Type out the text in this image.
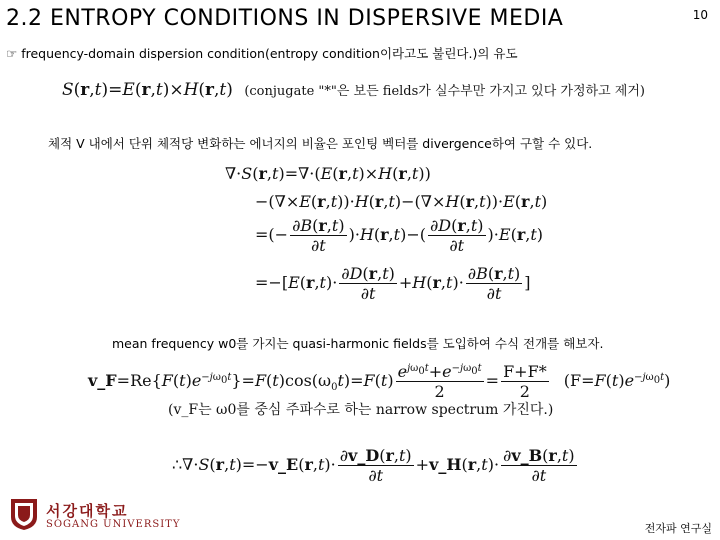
2.2 ENTROPY CONDITIONS IN DISPERSIVE MEDIA	10
☞ frequency-domain dispersion condition(entropy condition이라고도 불린다.)의 유도
S(r,t)=E(r,t)×H(r,t) (conjugate "*"은 보든 fields가 실수부만 가지고 있다 가정하고 제거)
체적 V 내에서 단위 체적당 변화하는 에너지의 비율은 포인팅 벡터를 divergence하여 구할 수 있다.
∇·S(r,t)=∇·(E(r,t)×H(r,t))
−(∇×E(r,t))·H(r,t)−(∇×H(r,t))·E(r,t)
=(− $\frac{\partial B(r,t)}{\partial t} )\cdot H(r,t)-( \frac{\partial D(r,t)}{\partial t} )\cdot E(r,t)$
$=-[E(r,t)\cdot \frac{\partial D(r,t)}{\partial t} +H(r,t)\cdot \frac{\partial B(r,t)}{\partial t}$ ]
mean frequency w0를 가지는 quasi-harmonic fields를 도입하여 수식 전개를 해보자.
$v\_F=Re\{F(t)e^{-j\omega 0t}\}=F(t)\cos(\omega_0t)=F(t) \frac{e^{j\omega 0t}+e^{-j\omega 0t}}{2} = \frac{F+F*}{2} (F=F(t)e^{-j\omega 0t})$
(v_F는 ω0를 중심 주파수로 하는 narrow spectrum 가진다.)
∴∇·S(r,t)=−v_E(r,t)· $\frac{\partial v\_D(r,t)}{\partial t}$ +v_H(r,t)· $\frac{\partial v\_B(r,t)}{\partial t}$
서강대학교
SOGANG UNIVERSITY	전자파 연구실
